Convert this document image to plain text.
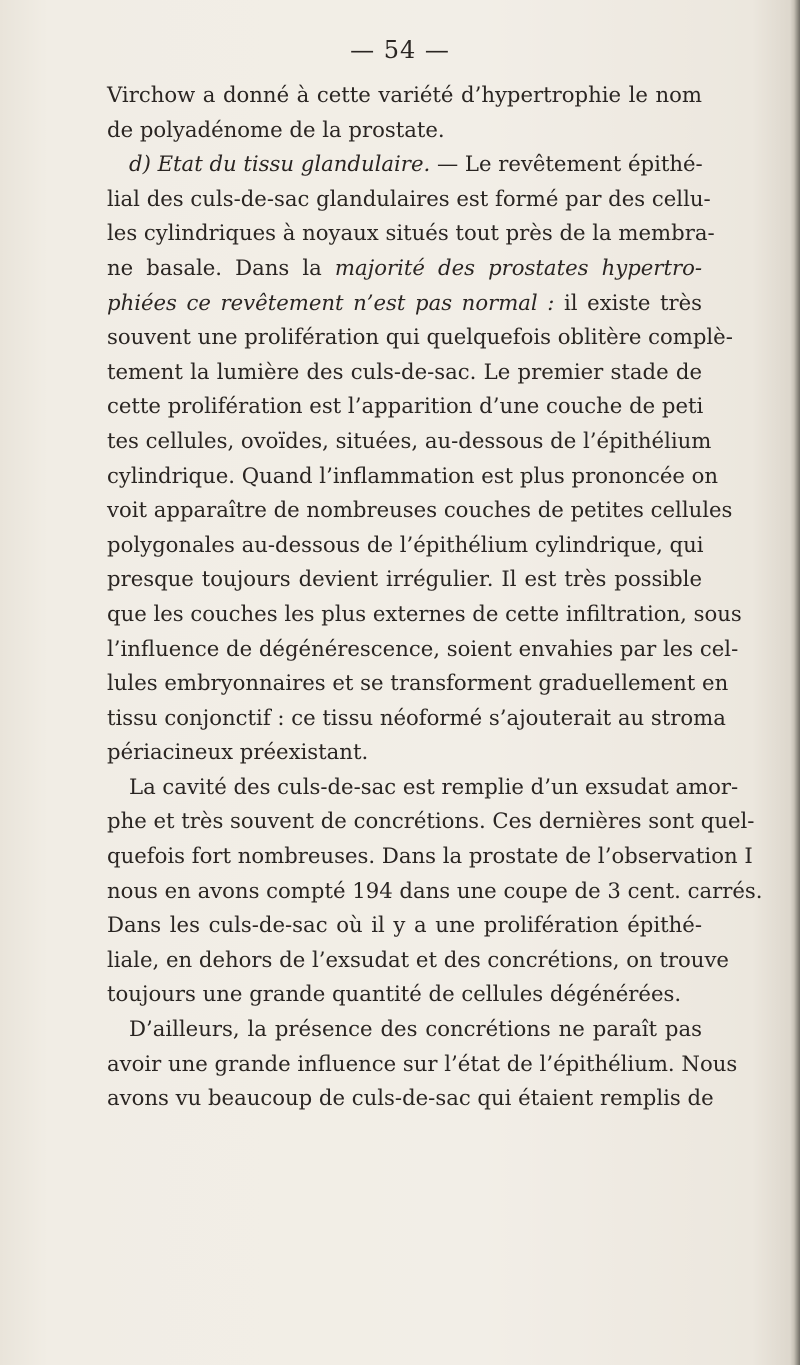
— 54 —
Virchow a donné à cette variété d’hypertrophie le nom
de polyadénome de la prostate.
d) Etat du tissu glandulaire. — Le revêtement épithé-
lial des culs-de-sac glandulaires est formé par des cellu-
les cylindriques à noyaux situés tout près de la membra-
ne basale. Dans la majorité des prostates hypertro-
phiées ce revêtement n’est pas normal : il existe très
souvent une prolifération qui quelquefois oblitère complè-
tement la lumière des culs-de-sac. Le premier stade de
cette prolifération est l’apparition d’une couche de peti
tes cellules, ovoïdes, situées, au-dessous de l’épithélium
cylindrique. Quand l’inflammation est plus prononcée on
voit apparaître de nombreuses couches de petites cellules
polygonales au-dessous de l’épithélium cylindrique, qui
presque toujours devient irrégulier. Il est très possible
que les couches les plus externes de cette infiltration, sous
l’influence de dégénérescence, soient envahies par les cel-
lules embryonnaires et se transforment graduellement en
tissu conjonctif : ce tissu néoformé s’ajouterait au stroma
périacineux préexistant.
La cavité des culs-de-sac est remplie d’un exsudat amor-
phe et très souvent de concrétions. Ces dernières sont quel-
quefois fort nombreuses. Dans la prostate de l’observation I
nous en avons compté 194 dans une coupe de 3 cent. carrés.
Dans les culs-de-sac où il y a une prolifération épithé-
liale, en dehors de l’exsudat et des concrétions, on trouve
toujours une grande quantité de cellules dégénérées.
D’ailleurs, la présence des concrétions ne paraît pas
avoir une grande influence sur l’état de l’épithélium. Nous
avons vu beaucoup de culs-de-sac qui étaient remplis de
